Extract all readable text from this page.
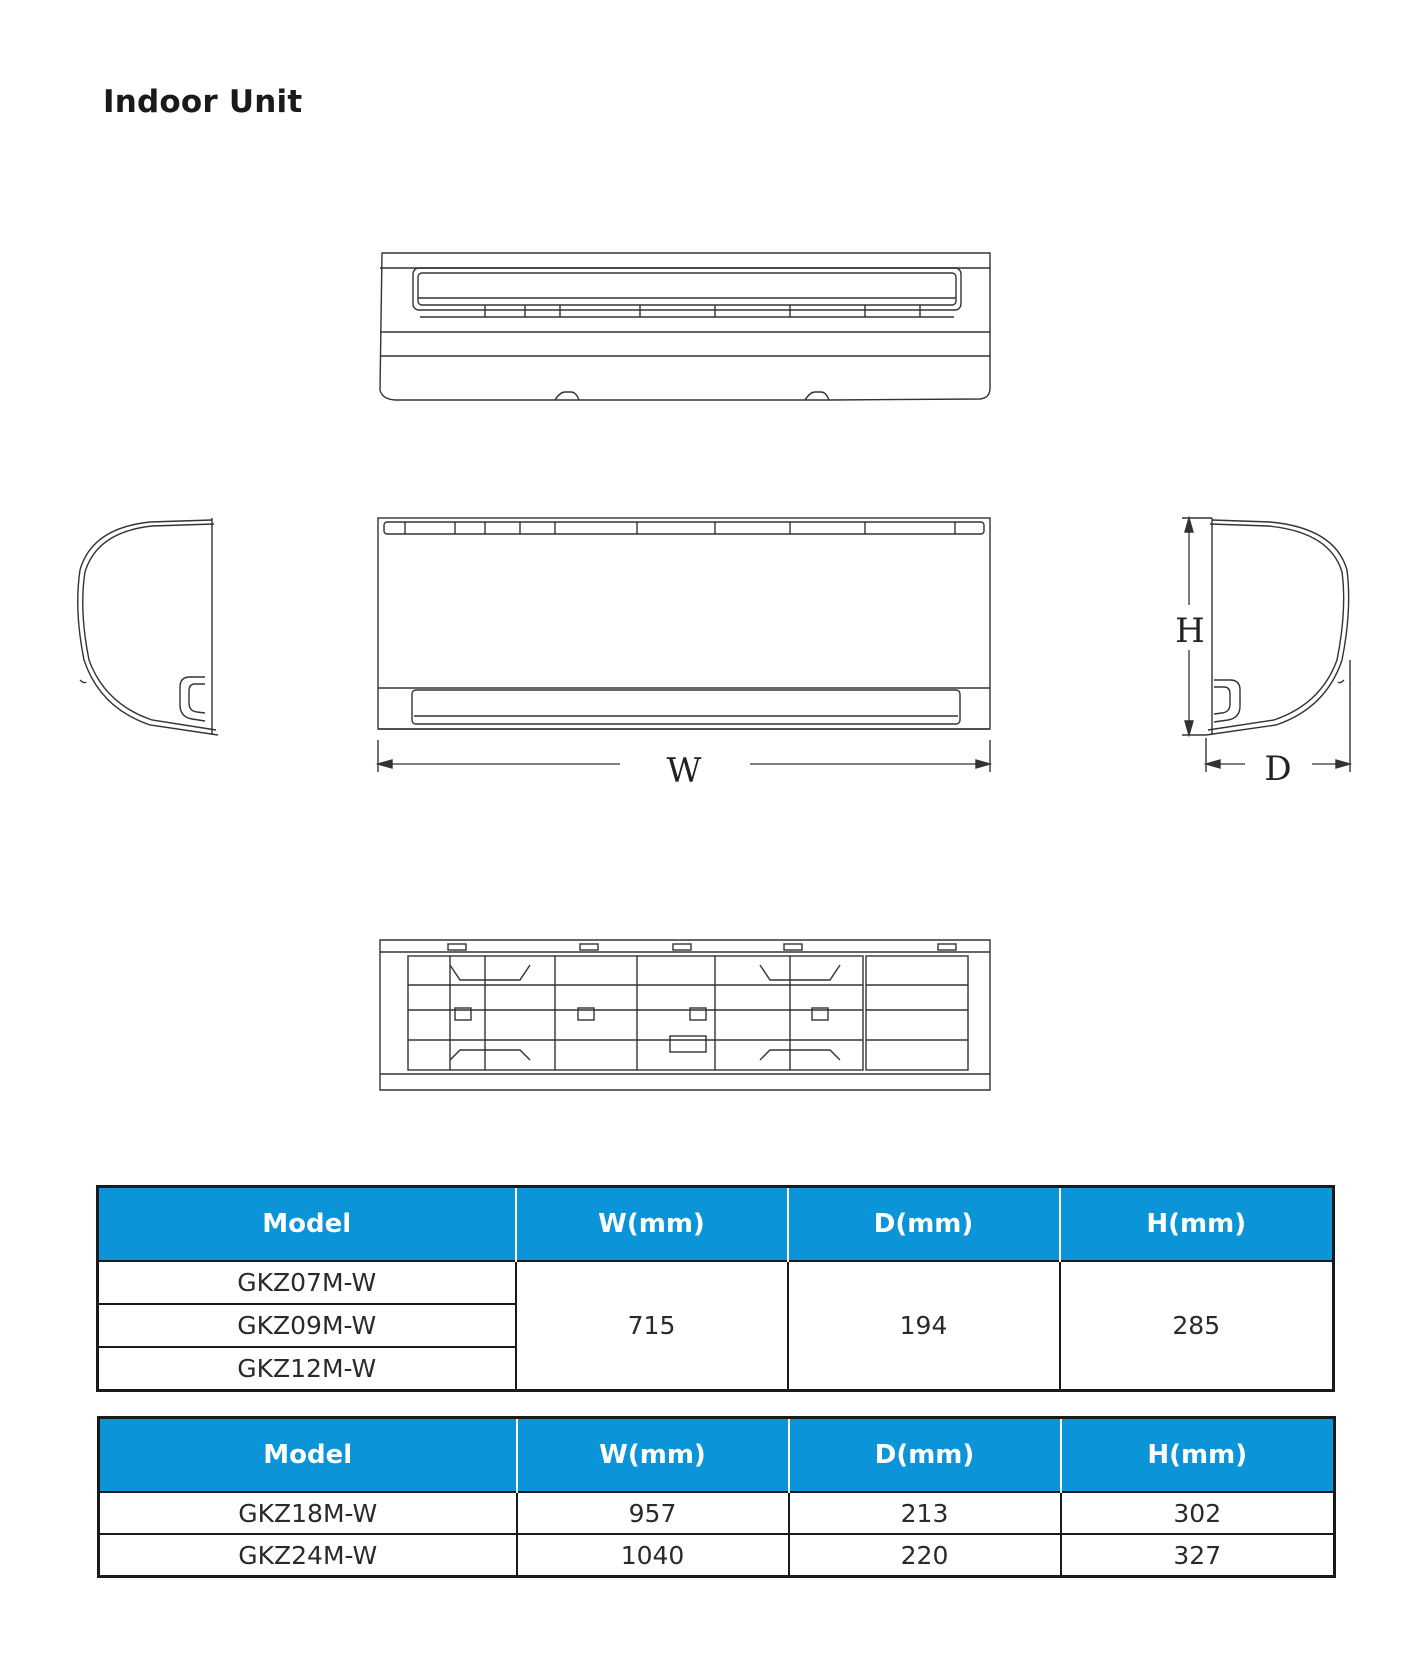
Indoor Unit
W
H
D
Model	W(mm)	D(mm)	H(mm)
GKZ07M-W	715	194	285
GKZ09M-W			
GKZ12M-W			
Model	W(mm)	D(mm)	H(mm)
GKZ18M-W	957	213	302
GKZ24M-W	1040	220	327
